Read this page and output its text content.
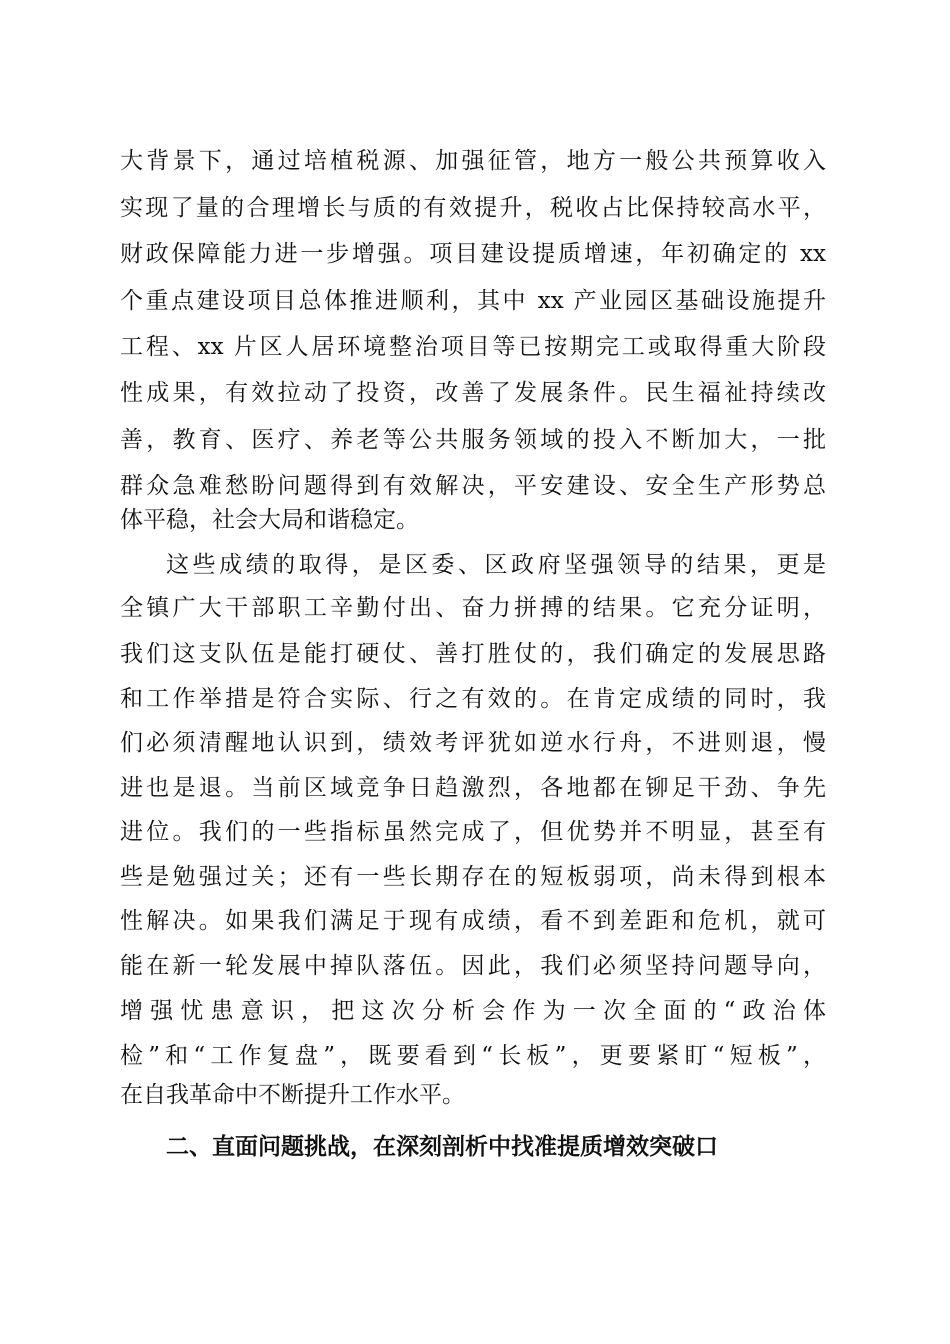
大背景下，通过培植税源、加强征管，地方一般公共预算收入

实现了量的合理增长与质的有效提升，税收占比保持较高水平，

财政保障能力进一步增强。项目建设提质增速，年初确定的 xx

个重点建设项目总体推进顺利，其中 xx 产业园区基础设施提升

工程、xx 片区人居环境整治项目等已按期完工或取得重大阶段

性成果，有效拉动了投资，改善了发展条件。民生福祉持续改

善，教育、医疗、养老等公共服务领域的投入不断加大，一批

群众急难愁盼问题得到有效解决，平安建设、安全生产形势总

体平稳，社会大局和谐稳定。

这些成绩的取得，是区委、区政府坚强领导的结果，更是

全镇广大干部职工辛勤付出、奋力拼搏的结果。它充分证明，

我们这支队伍是能打硬仗、善打胜仗的，我们确定的发展思路

和工作举措是符合实际、行之有效的。在肯定成绩的同时，我

们必须清醒地认识到，绩效考评犹如逆水行舟，不进则退，慢

进也是退。当前区域竞争日趋激烈，各地都在铆足干劲、争先

进位。我们的一些指标虽然完成了，但优势并不明显，甚至有

些是勉强过关；还有一些长期存在的短板弱项，尚未得到根本

性解决。如果我们满足于现有成绩，看不到差距和危机，就可

能在新一轮发展中掉队落伍。因此，我们必须坚持问题导向，

增强忧患意识，把这次分析会作为一次全面的“政治体

检”和“工作复盘”，既要看到“长板”，更要紧盯“短板”，

在自我革命中不断提升工作水平。

二、直面问题挑战，在深刻剖析中找准提质增效突破口
